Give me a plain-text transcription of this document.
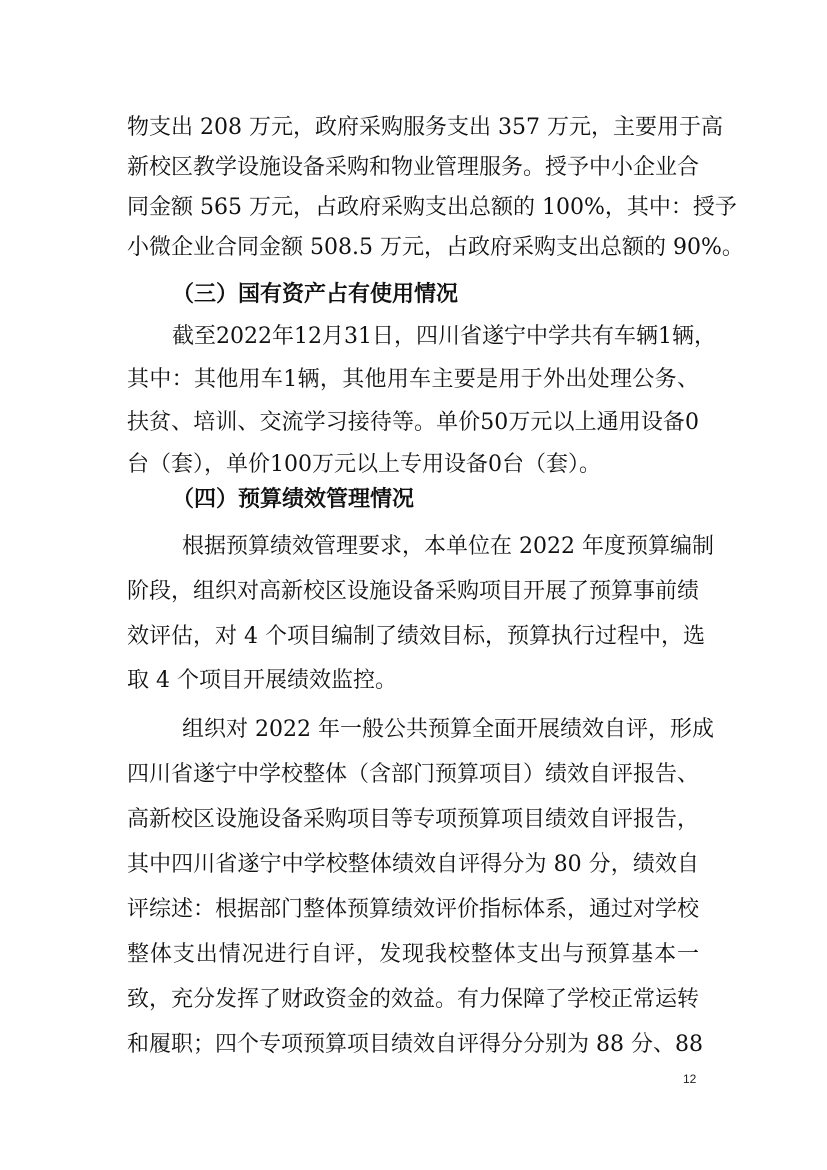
物支出 208 万元，政府采购服务支出 357 万元，主要用于高
新校区教学设施设备采购和物业管理服务。授予中小企业合
同金额 565 万元，占政府采购支出总额的 100%，其中：授予
小微企业合同金额 508.5 万元，占政府采购支出总额的 90%。
（三）国有资产占有使用情况
截至2022年12月31日，四川省遂宁中学共有车辆1辆，
其中：其他用车1辆，其他用车主要是用于外出处理公务、
扶贫、培训、交流学习接待等。单价50万元以上通用设备0
台（套），单价100万元以上专用设备0台（套）。
（四）预算绩效管理情况
根据预算绩效管理要求，本单位在 2022 年度预算编制
阶段，组织对高新校区设施设备采购项目开展了预算事前绩
效评估，对 4 个项目编制了绩效目标，预算执行过程中，选
取 4 个项目开展绩效监控。
组织对 2022 年一般公共预算全面开展绩效自评，形成
四川省遂宁中学校整体（含部门预算项目）绩效自评报告、
高新校区设施设备采购项目等专项预算项目绩效自评报告，
其中四川省遂宁中学校整体绩效自评得分为 80 分，绩效自
评综述：根据部门整体预算绩效评价指标体系，通过对学校
整体支出情况进行自评，发现我校整体支出与预算基本一
致，充分发挥了财政资金的效益。有力保障了学校正常运转
和履职；四个专项预算项目绩效自评得分分别为 88 分、88
12
